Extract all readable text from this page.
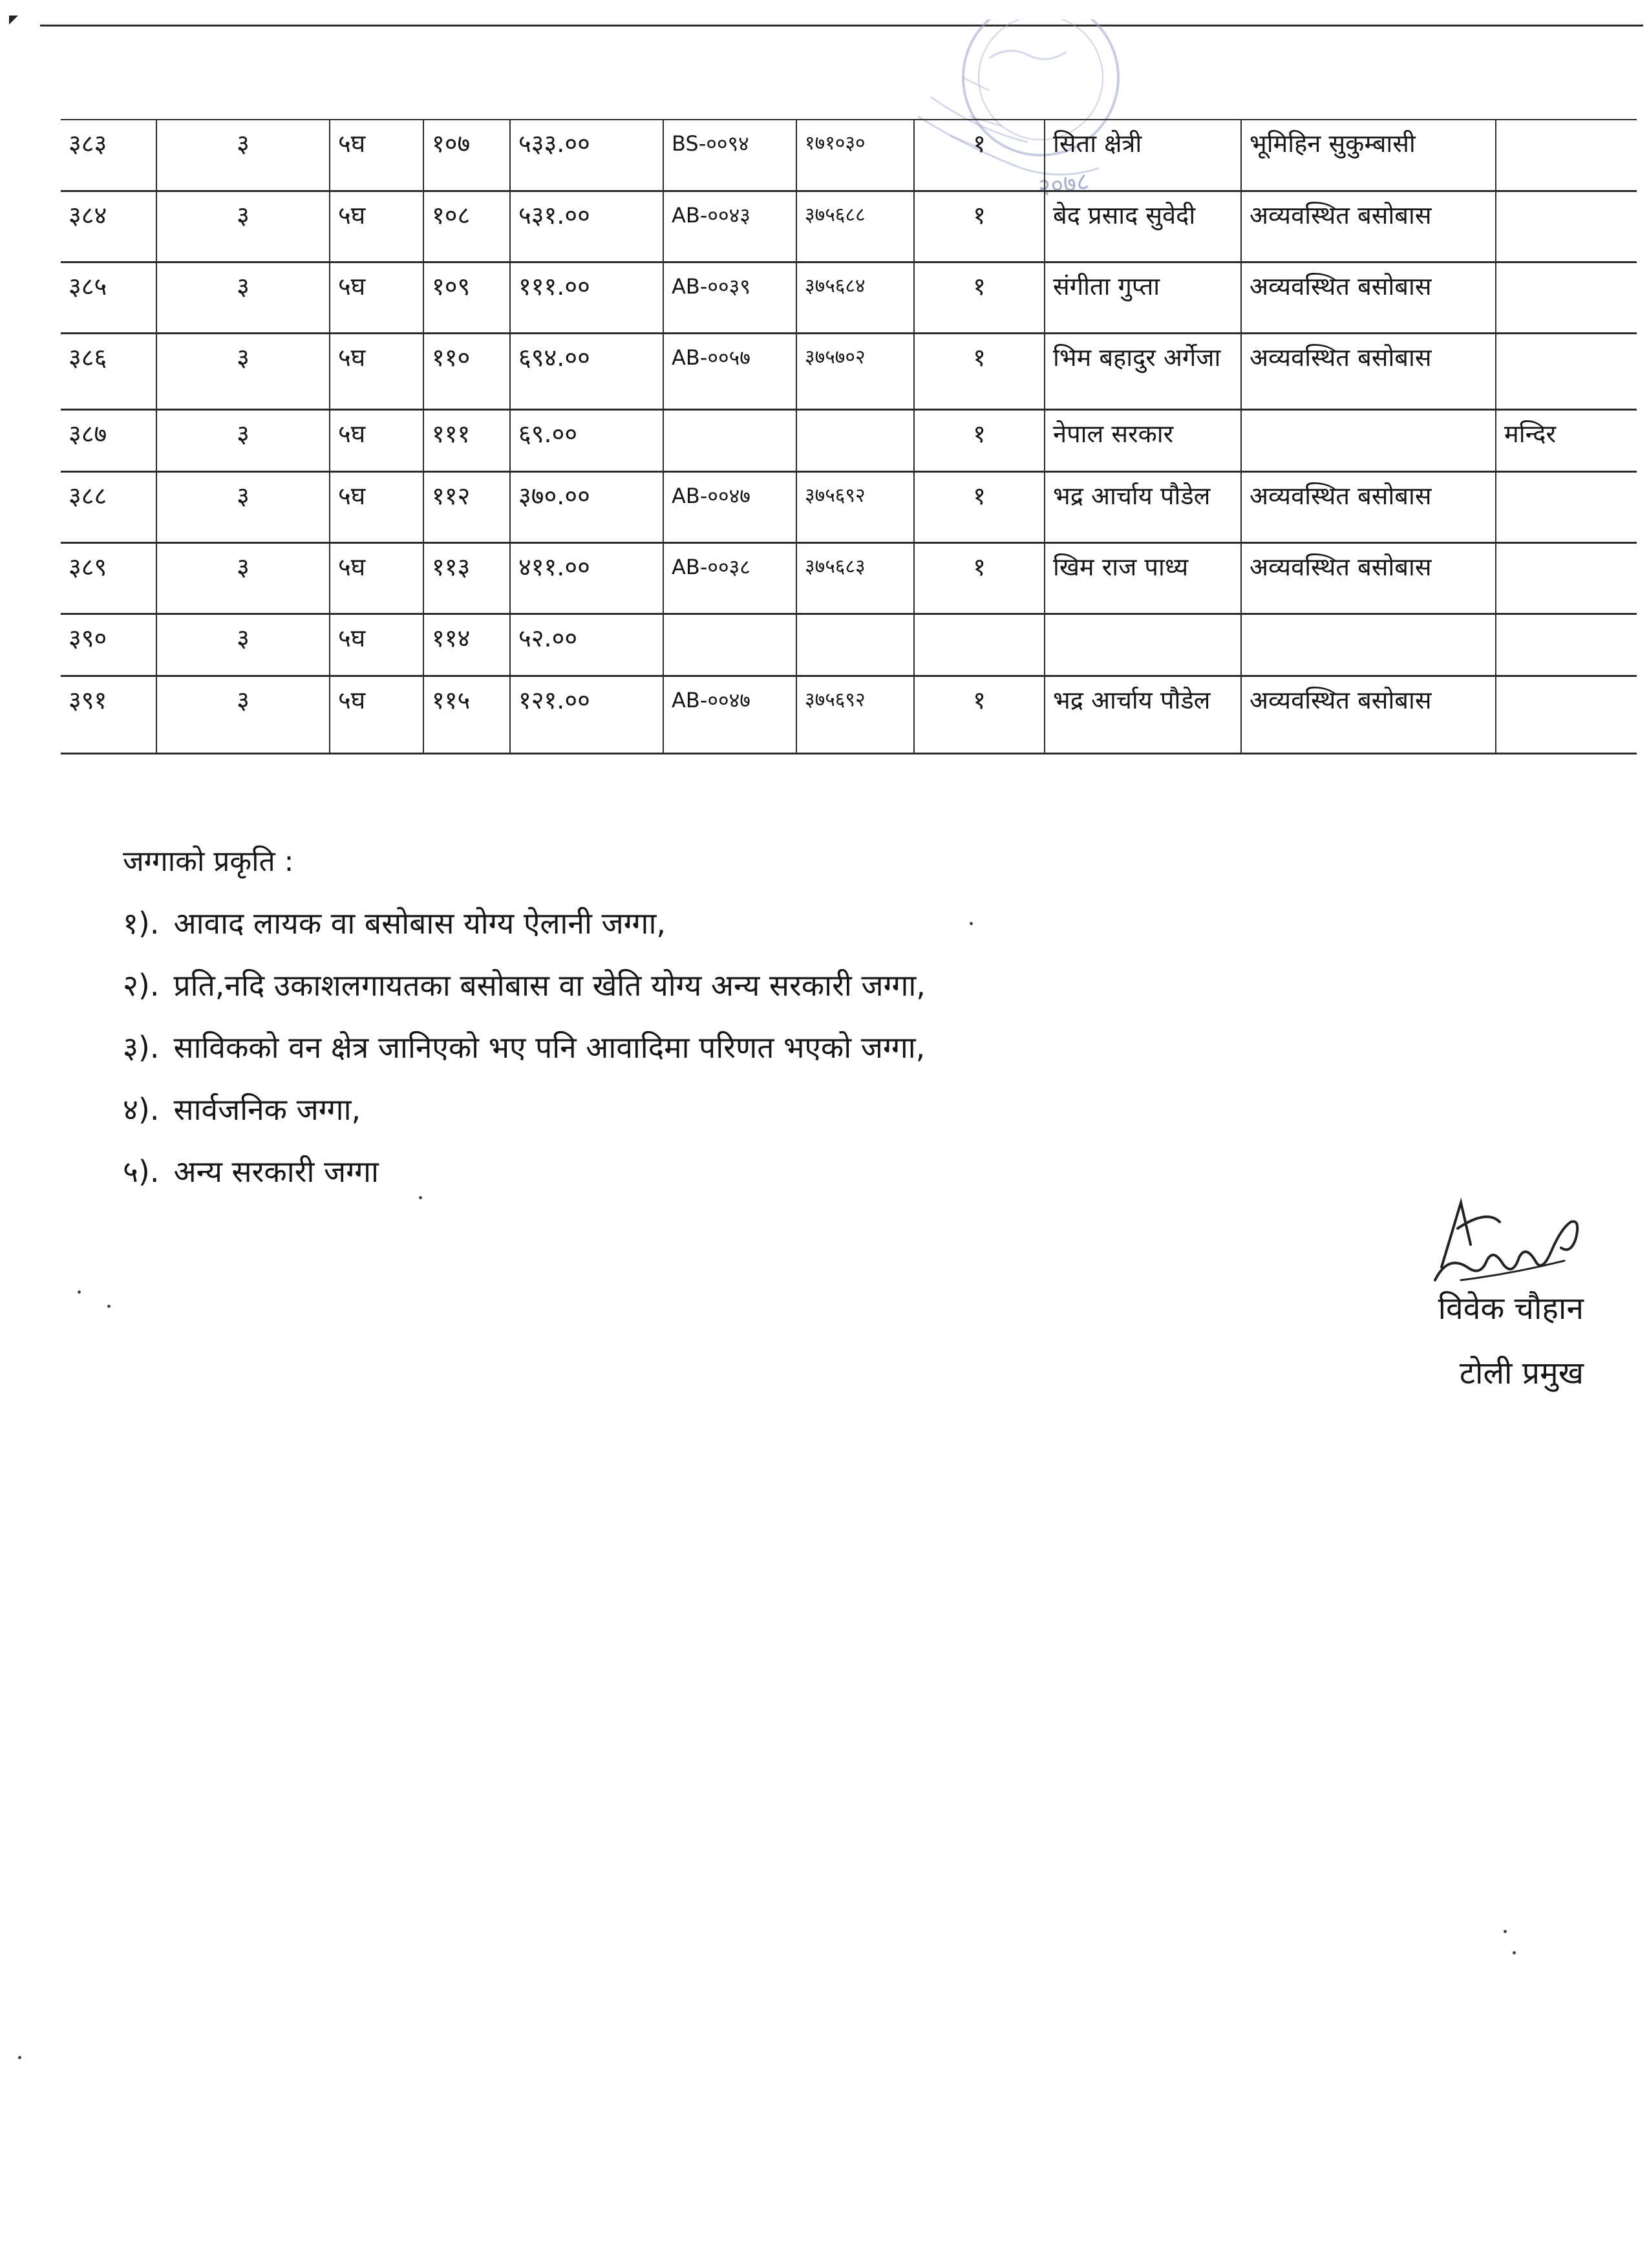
२०७८
३८३	३	५घ	१०७	५३३.००	BS-००९४	१७१०३०	१	सिता क्षेत्री	भूमिहिन सुकुम्बासी	
३८४	३	५घ	१०८	५३१.००	AB-००४३	३७५६८८	१	बेद प्रसाद सुवेदी	अव्यवस्थित बसोबास	
३८५	३	५घ	१०९	१११.००	AB-००३९	३७५६८४	१	संगीता गुप्ता	अव्यवस्थित बसोबास	
३८६	३	५घ	११०	६९४.००	AB-००५७	३७५७०२	१	भिम बहादुर अर्गेजा	अव्यवस्थित बसोबास	
३८७	३	५घ	१११	६९.००			१	नेपाल सरकार		मन्दिर
३८८	३	५घ	११२	३७०.००	AB-००४७	३७५६९२	१	भद्र आर्चाय पौडेल	अव्यवस्थित बसोबास	
३८९	३	५घ	११३	४११.००	AB-००३८	३७५६८३	१	खिम राज पाध्य	अव्यवस्थित बसोबास	
३९०	३	५घ	११४	५२.००						
३९१	३	५घ	११५	१२१.००	AB-००४७	३७५६९२	१	भद्र आर्चाय पौडेल	अव्यवस्थित बसोबास	
जग्गाको प्रकृति :
१). आवाद लायक वा बसोबास योग्य ऐलानी जग्गा,
२). प्रति,नदि उकाशलगायतका बसोबास वा खेति योग्य अन्य सरकारी जग्गा,
३). साविकको वन क्षेत्र जानिएको भए पनि आवादिमा परिणत भएको जग्गा,
४). सार्वजनिक जग्गा,
५). अन्य सरकारी जग्गा
विवेक चौहान
टोली प्रमुख
